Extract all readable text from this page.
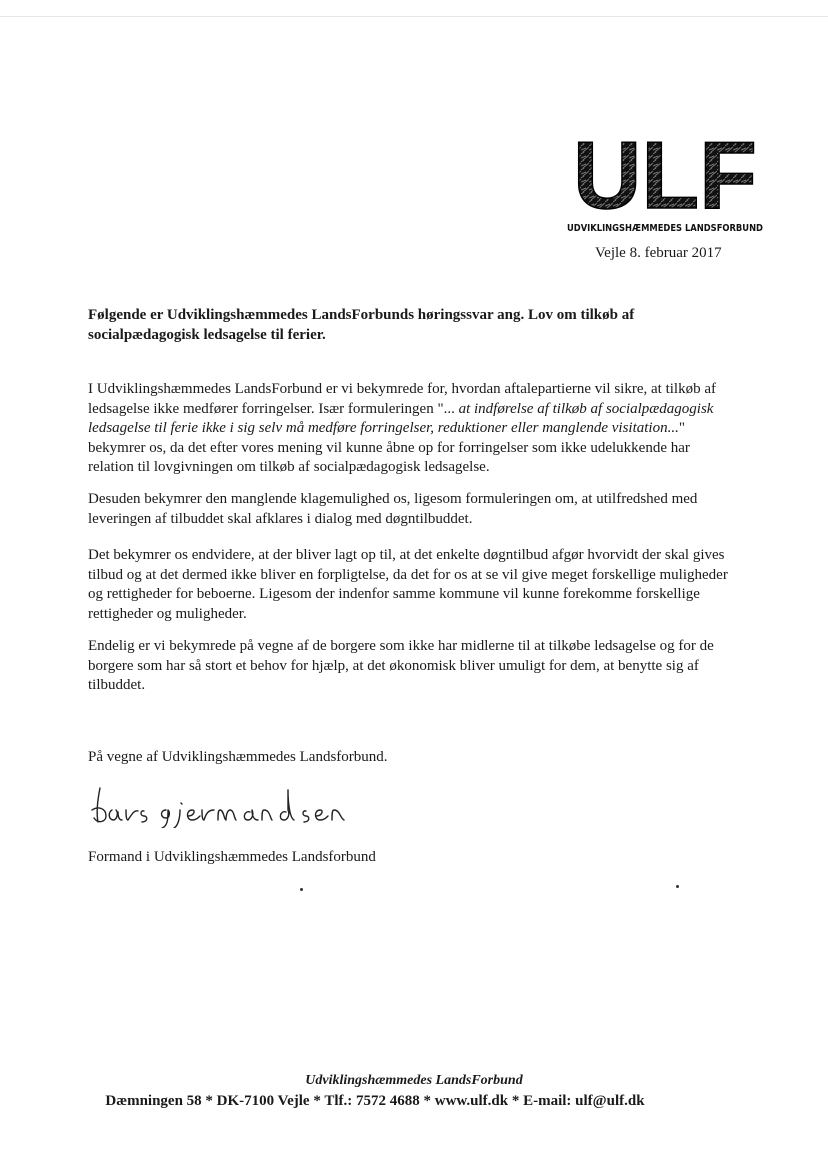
ULF
UDVIKLINGSHÆMMEDES LANDSFORBUND
Vejle 8. februar 2017
Følgende er Udviklingshæmmedes LandsForbunds høringssvar ang. Lov om tilkøb af socialpædagogisk ledsagelse til ferier.
I Udviklingshæmmedes LandsForbund er vi bekymrede for, hvordan aftalepartierne vil sikre, at tilkøb af ledsagelse ikke medfører forringelser. Især formuleringen "... at indførelse af tilkøb af socialpædagogisk ledsagelse til ferie ikke i sig selv må medføre forringelser, reduktioner eller manglende visitation..." bekymrer os, da det efter vores mening vil kunne åbne op for forringelser som ikke udelukkende har relation til lovgivningen om tilkøb af socialpædagogisk ledsagelse.
Desuden bekymrer den manglende klagemulighed os, ligesom formuleringen om, at utilfredshed med leveringen af tilbuddet skal afklares i dialog med døgntilbuddet.
Det bekymrer os endvidere, at der bliver lagt op til, at det enkelte døgntilbud afgør hvorvidt der skal gives tilbud og at det dermed ikke bliver en forpligtelse, da det for os at se vil give meget forskellige muligheder og rettigheder for beboerne. Ligesom der indenfor samme kommune vil kunne forekomme forskellige rettigheder og muligheder.
Endelig er vi bekymrede på vegne af de borgere som ikke har midlerne til at tilkøbe ledsagelse og for de borgere som har så stort et behov for hjælp, at det økonomisk bliver umuligt for dem, at benytte sig af tilbuddet.
På vegne af Udviklingshæmmedes Landsforbund.
Formand i Udviklingshæmmedes Landsforbund
Udviklingshæmmedes LandsForbund
Dæmningen 58 * DK-7100 Vejle * Tlf.: 7572 4688 * www.ulf.dk * E-mail: ulf@ulf.dk
